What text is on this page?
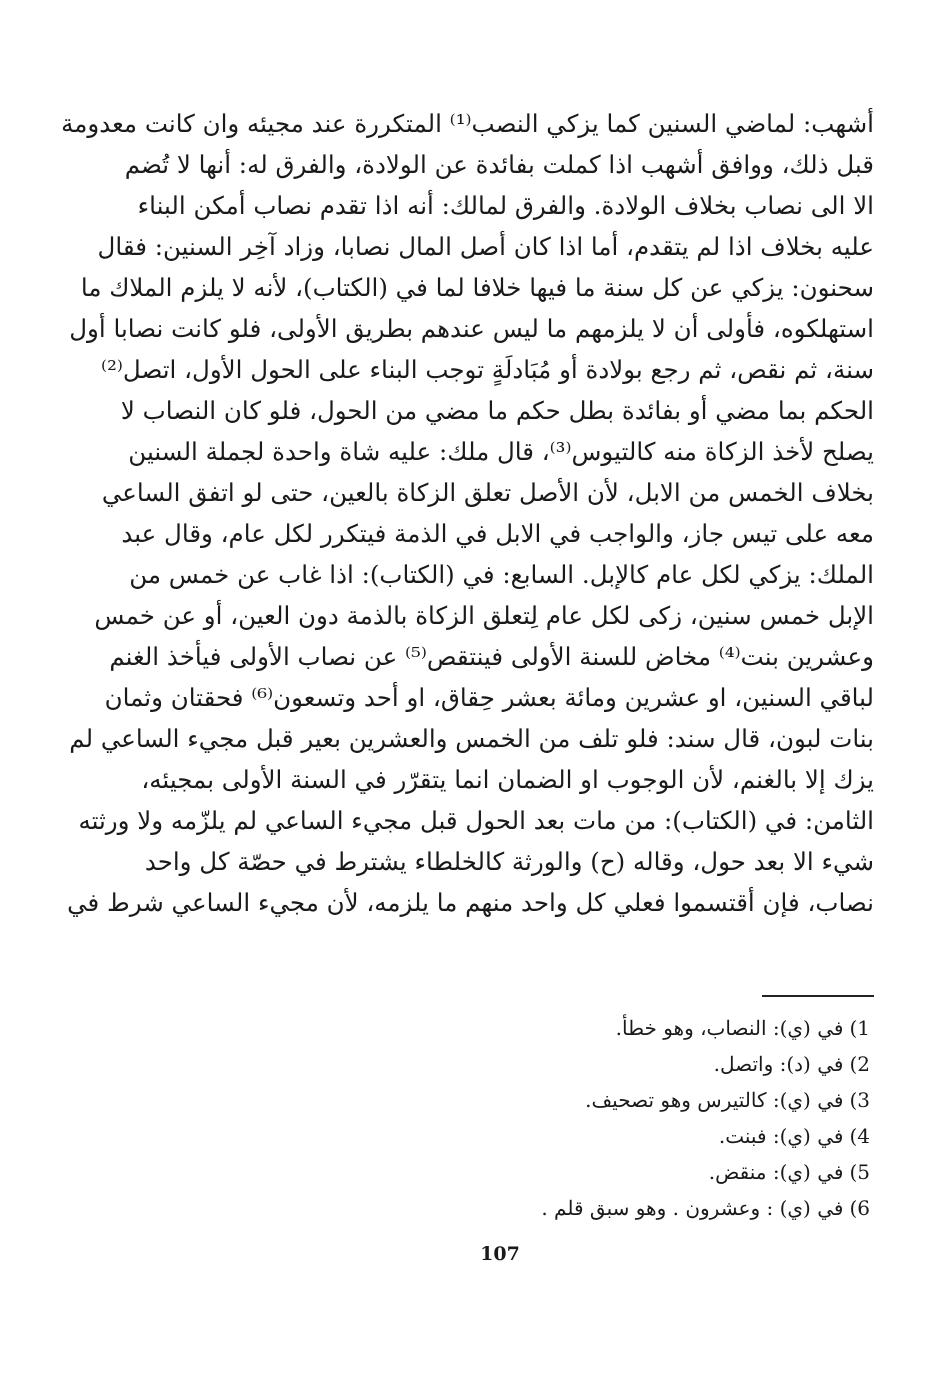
أشهب: لماضي السنين كما يزكي النصب⁽¹⁾ المتكررة عند مجيئه وان كانت معدومة
قبل ذلك، ووافق أشهب اذا كملت بفائدة عن الولادة، والفرق له: أنها لا تُضم
الا الى نصاب بخلاف الولادة. والفرق لمالك: أنه اذا تقدم نصاب أمكن البناء
عليه بخلاف اذا لم يتقدم، أما اذا كان أصل المال نصابا، وزاد آخِر السنين: فقال
سحنون: يزكي عن كل سنة ما فيها خلافا لما في (الكتاب)، لأنه لا يلزم الملاك ما
استهلكوه، فأولى أن لا يلزمهم ما ليس عندهم بطريق الأولى، فلو كانت نصابا أول
سنة، ثم نقص، ثم رجع بولادة أو مُبَادلَةٍ توجب البناء على الحول الأول، اتصل⁽²⁾
الحكم بما مضي أو بفائدة بطل حكم ما مضي من الحول، فلو كان النصاب لا
يصلح لأخذ الزكاة منه كالتيوس⁽³⁾، قال ملك: عليه شاة واحدة لجملة السنين
بخلاف الخمس من الابل، لأن الأصل تعلق الزكاة بالعين، حتى لو اتفق الساعي
معه على تيس جاز، والواجب في الابل في الذمة فيتكرر لكل عام، وقال عبد
الملك: يزكي لكل عام كالإبل. السابع: في (الكتاب): اذا غاب عن خمس من
الإبل خمس سنين، زكى لكل عام لِتعلق الزكاة بالذمة دون العين، أو عن خمس
وعشرين بنت⁽⁴⁾ مخاض للسنة الأولى فينتقص⁽⁵⁾ عن نصاب الأولى فيأخذ الغنم
لباقي السنين، او عشرين ومائة بعشر حِقاق، او أحد وتسعون⁽⁶⁾ فحقتان وثمان
بنات لبون، قال سند: فلو تلف من الخمس والعشرين بعير قبل مجيء الساعي لم
يزك إلا بالغنم، لأن الوجوب او الضمان انما يتقرّر في السنة الأولى بمجيئه،
الثامن: في (الكتاب): من مات بعد الحول قبل مجيء الساعي لم يلزّمه ولا ورثته
شيء الا بعد حول، وقاله (ح) والورثة كالخلطاء يشترط في حصّة كل واحد
نصاب، فإن أقتسموا فعلي كل واحد منهم ما يلزمه، لأن مجيء الساعي شرط في
1)في (ي): النصاب، وهو خطأ.
2)في (د): واتصل.
3)في (ي): كالتيرس وهو تصحيف.
4)في (ي): فبنت.
5)في (ي): منقض.
6)في (ي) : وعشرون . وهو سبق قلم .
107
